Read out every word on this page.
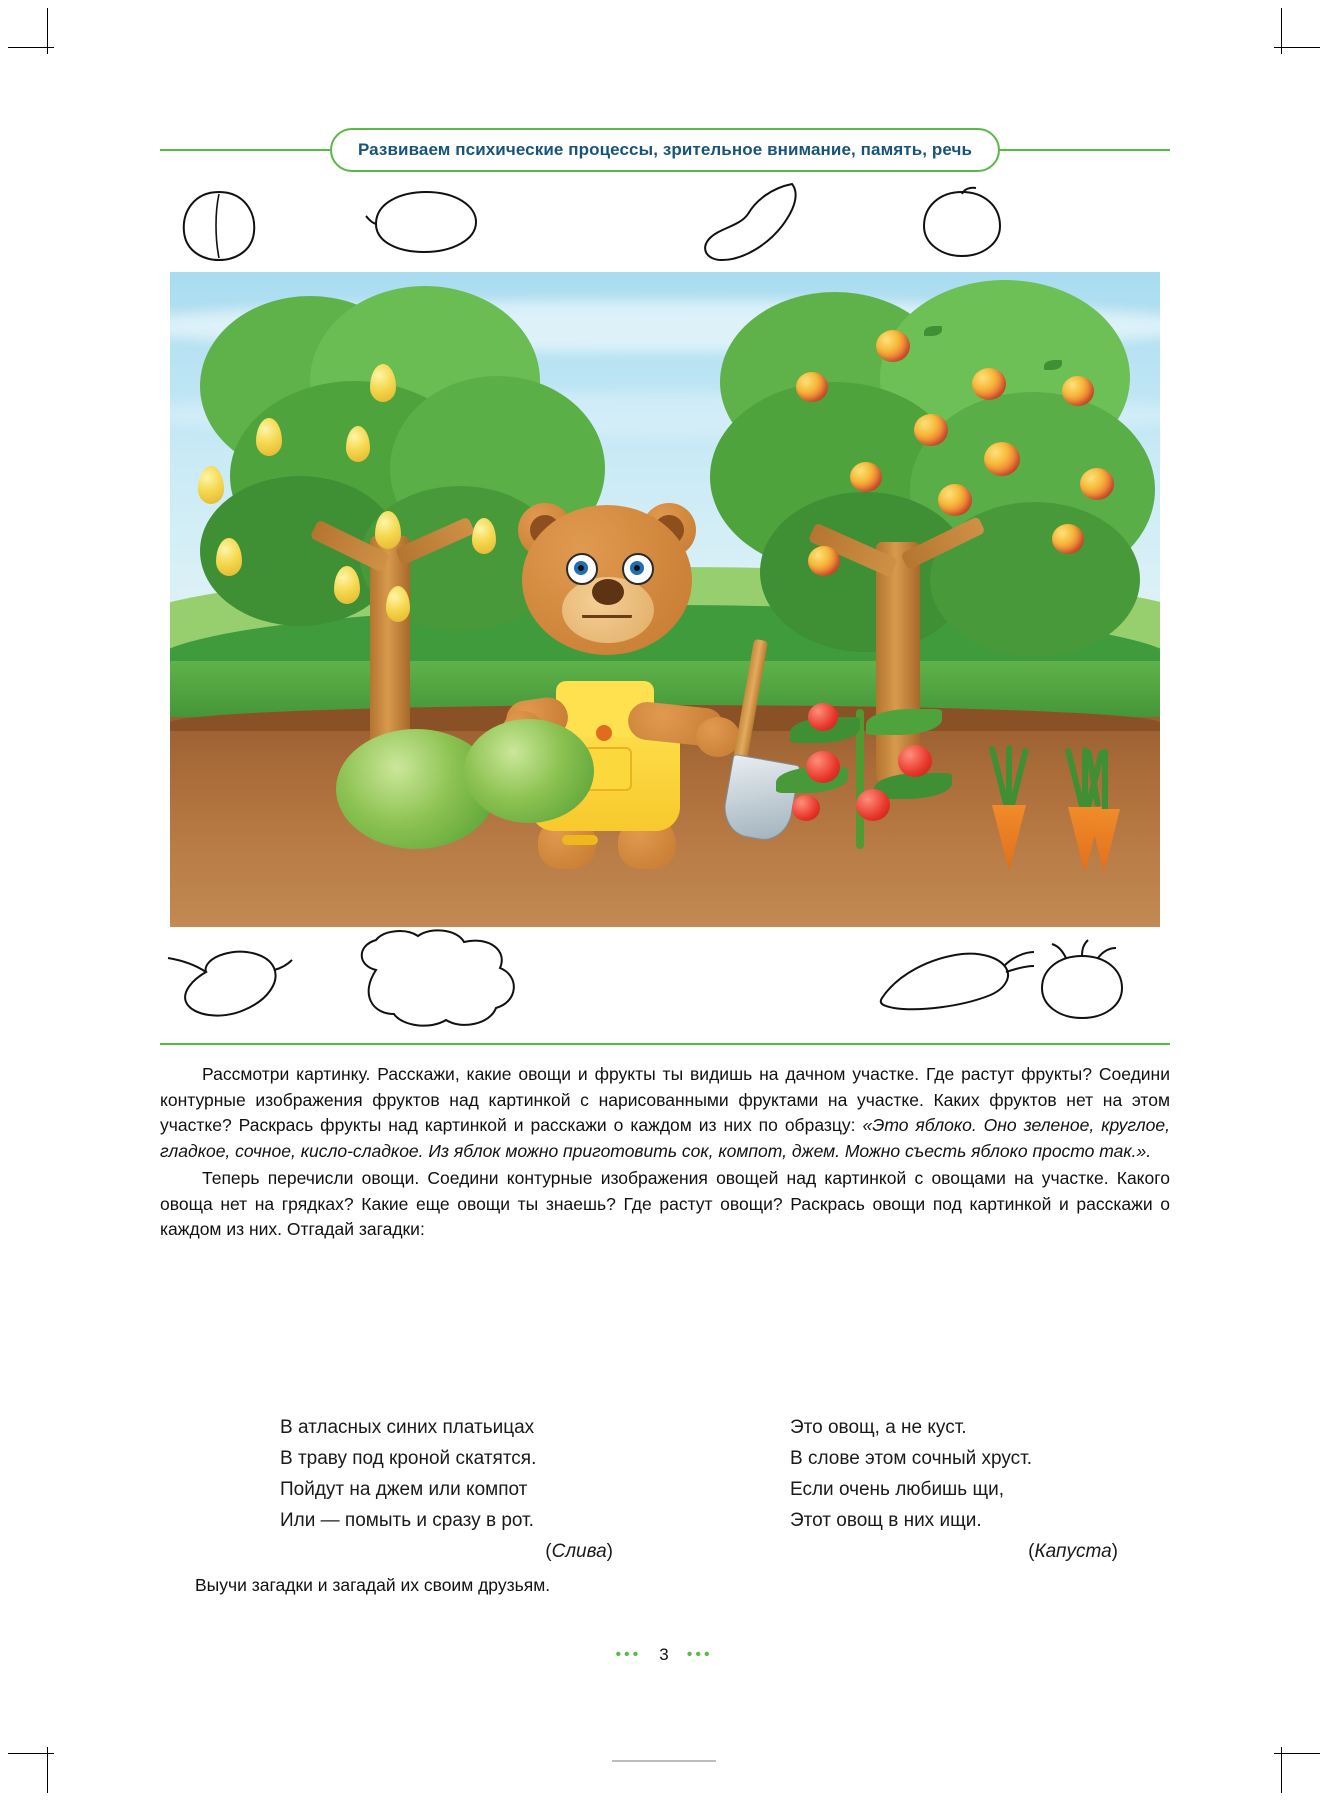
Развиваем психические процессы, зрительное внимание, память, речь

Рассмотри картинку. Расскажи, какие овощи и фрукты ты видишь на дачном участке. Где растут фрукты? Соедини контурные изображения фруктов над картинкой с нарисованными фруктами на участке. Каких фруктов нет на этом участке? Раскрась фрукты над картинкой и расскажи о каждом из них по образцу: «Это яблоко. Оно зеленое, круглое, гладкое, сочное, кисло-сладкое. Из яблок можно приготовить сок, компот, джем. Можно съесть яблоко просто так.».

Теперь перечисли овощи. Соедини контурные изображения овощей над картинкой с овощами на участке. Какого овоща нет на грядках? Какие еще овощи ты знаешь? Где растут овощи? Раскрась овощи под картинкой и расскажи о каждом из них. Отгадай загадки:

В атласных синих платьицах
В траву под кроной скатятся.
Пойдут на джем или компот
Или — помыть и сразу в рот.
(Слива)
Это овощ, а не куст.
В слове этом сочный хруст.
Если очень любишь щи,
Этот овощ в них ищи.
(Капуста)
Выучи загадки и загадай их своим друзьям.
••• 3 •••
